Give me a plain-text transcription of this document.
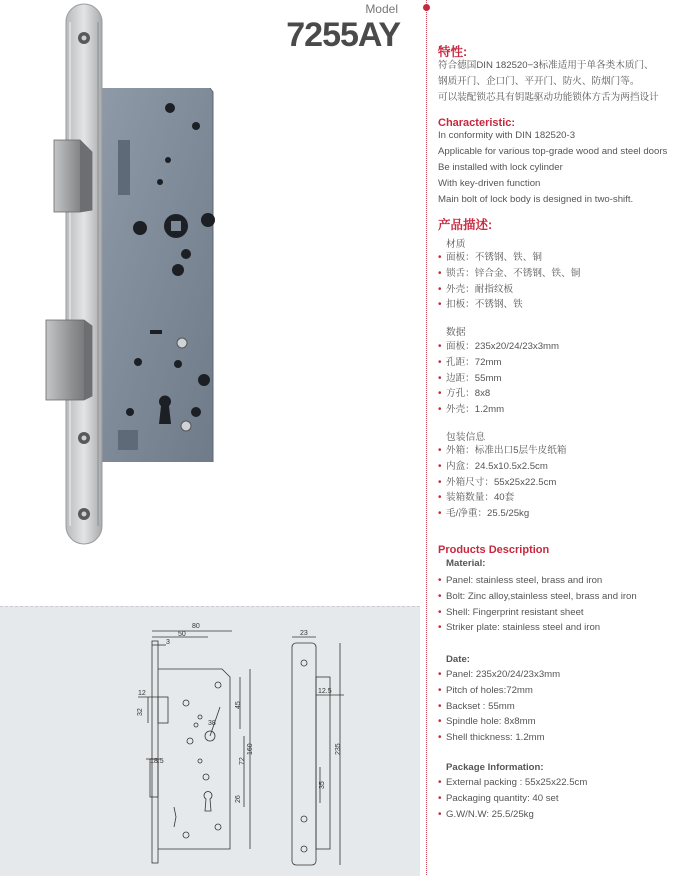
Model
7255AY
80
50
3
12
32
38
45
72
160
18.5
23
12.5
235
35
26
特性:
符合德国DIN 182520−3标准适用于单各类木质门、
钢质开门、企口门、平开门、防火、防烟门等。
可以装配锁芯具有钥匙驱动功能锁体方舌为两挡设计
Characteristic:
In conformity with DIN 182520-3
Applicable for various top-grade wood and steel doors
Be installed with lock cylinder
With key-driven function
Main bolt of lock body is designed in two-shift.
产品描述:
材质
• 面板：不锈钢、铁、铜
• 锁舌：锌合金、不锈钢、铁、铜
• 外壳：耐指纹板
• 扣板：不锈钢、铁
数据
• 面板：235x20/24/23x3mm
• 孔距：72mm
• 边距：55mm
• 方孔：8x8
• 外壳：1.2mm
包装信息
• 外箱：标准出口5层牛皮纸箱
• 内盒：24.5x10.5x2.5cm
• 外箱尺寸：55x25x22.5cm
• 装箱数量：40套
• 毛/净重：25.5/25kg
Products Description
Material:
• Panel: stainless steel, brass and iron
• Bolt: Zinc alloy,stainless steel, brass and iron
• Shell: Fingerprint resistant sheet
• Striker plate: stainless steel and iron
Date:
• Panel: 235x20/24/23x3mm
• Pitch of holes:72mm
• Backset : 55mm
• Spindle hole: 8x8mm
• Shell thickness: 1.2mm
Package Information:
• External packing : 55x25x22.5cm
• Packaging quantity: 40 set
• G.W/N.W: 25.5/25kg
